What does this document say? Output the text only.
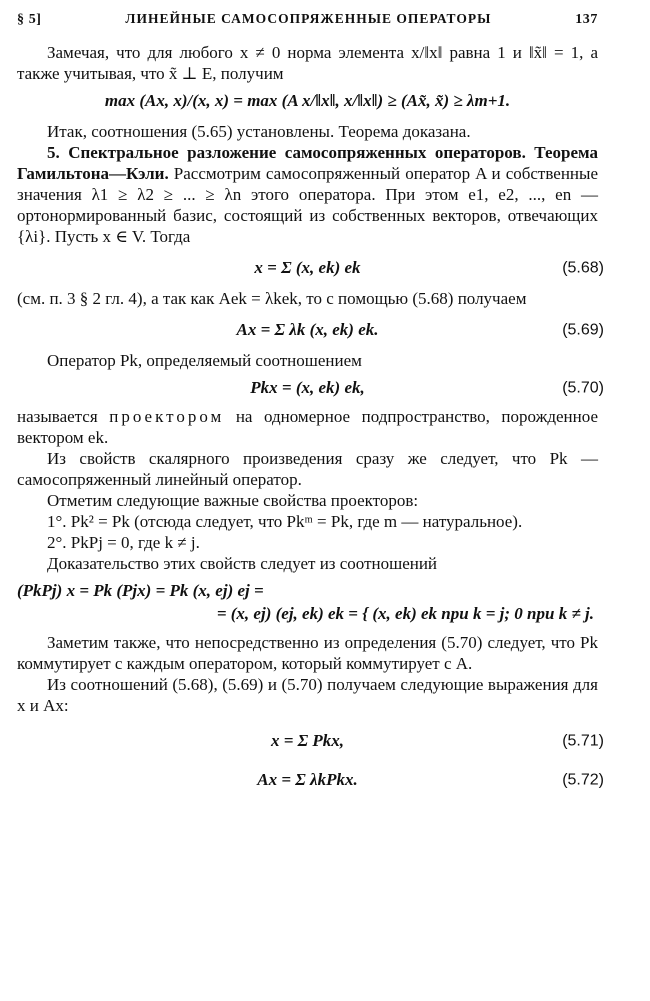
§ 5]	ЛИНЕЙНЫЕ САМОСОПРЯЖЕННЫЕ ОПЕРАТОРЫ	137

Замечая, что для любого x ≠ 0 норма элемента x/‖x‖ равна 1 и ‖x̃‖ = 1, а также учитывая, что x̃ ⊥ E, получим

max (Ax, x)/(x, x) = max (A x/‖x‖, x/‖x‖) ≥ (Ax̃, x̃) ≥ λm+1.

Итак, соотношения (5.65) установлены. Теорема доказана.

5. Спектральное разложение самосопряженных операторов. Теорема Гамильтона—Кэли. Рассмотрим самосопряженный оператор A и собственные значения λ1 ≥ λ2 ≥ ... ≥ λn этого оператора. При этом e1, e2, ..., en — ортонормированный базис, состоящий из собственных векторов, отвечающих {λi}. Пусть x ∈ V. Тогда

x = Σ (x, ek) ek	(5.68)

(см. п. 3 § 2 гл. 4), а так как Aek = λkek, то с помощью (5.68) получаем

Ax = Σ λk (x, ek) ek.	(5.69)

Оператор Pk, определяемый соотношением

Pkx = (x, ek) ek,	(5.70)

называется проектором на одномерное подпространство, порожденное вектором ek.

Из свойств скалярного произведения сразу же следует, что Pk — самосопряженный линейный оператор.

Отметим следующие важные свойства проекторов:

1°. Pk² = Pk (отсюда следует, что Pkᵐ = Pk, где m — натуральное).

2°. PkPj = 0, где k ≠ j.

Доказательство этих свойств следует из соотношений

(PkPj) x = Pk (Pjx) = Pk (x, ej) ej =
= (x, ej) (ej, ek) ek = { (x, ek) ek при k = j; 0 при k ≠ j.

Заметим также, что непосредственно из определения (5.70) следует, что Pk коммутирует с каждым оператором, который коммутирует с A.

Из соотношений (5.68), (5.69) и (5.70) получаем следующие выражения для x и Ax:

x = Σ Pkx,	(5.71)
Ax = Σ λkPkx.	(5.72)
